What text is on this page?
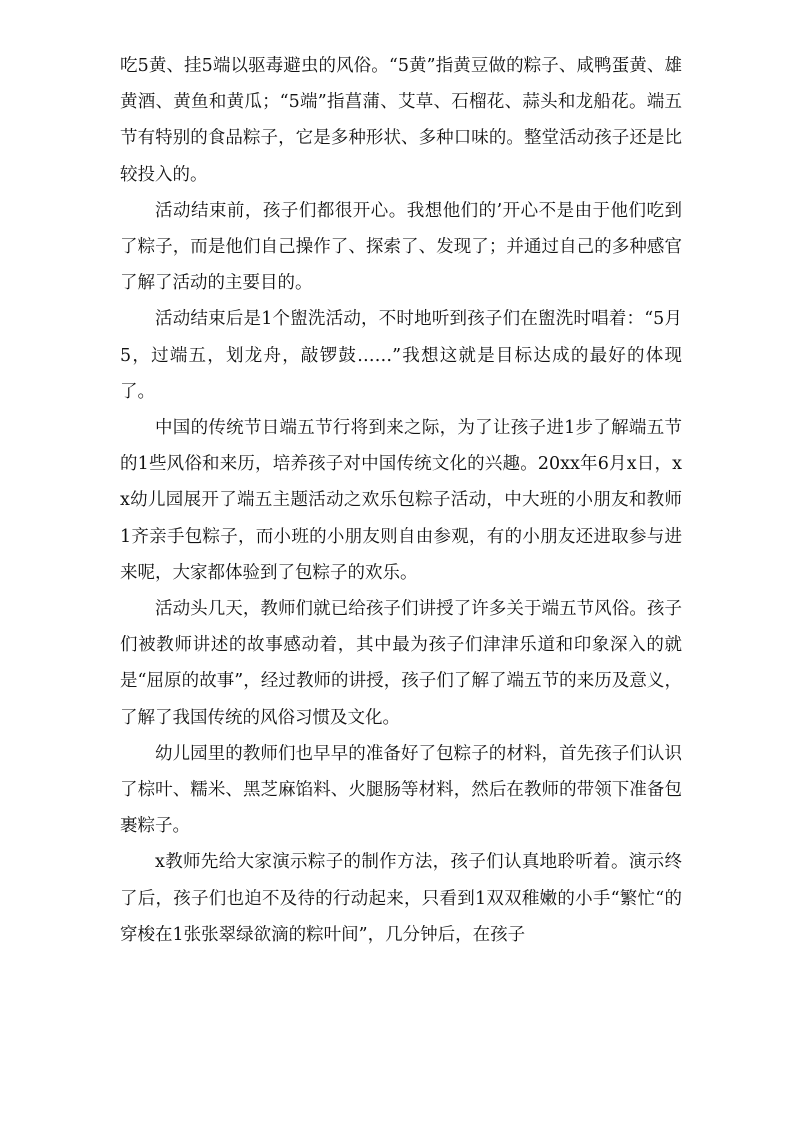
吃5黄、挂5端以驱毒避虫的风俗。“5黄”指黄豆做的粽子、咸鸭蛋黄、雄黄酒、黄鱼和黄瓜；“5端”指菖蒲、艾草、石榴花、蒜头和龙船花。端五节有特别的食品粽子，它是多种形状、多种口味的。整堂活动孩子还是比较投入的。

活动结束前，孩子们都很开心。我想他们的’开心不是由于他们吃到了粽子，而是他们自己操作了、探索了、发现了；并通过自己的多种感官了解了活动的主要目的。

活动结束后是1个盥洗活动，不时地听到孩子们在盥洗时唱着：“5月5，过端五，划龙舟，敲锣鼓……”我想这就是目标达成的最好的体现了。

中国的传统节日端五节行将到来之际，为了让孩子进1步了解端五节的1些风俗和来历，培养孩子对中国传统文化的兴趣。20xx年6月x日，xx幼儿园展开了端五主题活动之欢乐包粽子活动，中大班的小朋友和教师1齐亲手包粽子，而小班的小朋友则自由参观，有的小朋友还进取参与进来呢，大家都体验到了包粽子的欢乐。

活动头几天，教师们就已给孩子们讲授了许多关于端五节风俗。孩子们被教师讲述的故事感动着，其中最为孩子们津津乐道和印象深入的就是“屈原的故事”，经过教师的讲授，孩子们了解了端五节的来历及意义，了解了我国传统的风俗习惯及文化。

幼儿园里的教师们也早早的准备好了包粽子的材料，首先孩子们认识了棕叶、糯米、黑芝麻馅料、火腿肠等材料，然后在教师的带领下准备包裹粽子。

x教师先给大家演示粽子的制作方法，孩子们认真地聆听着。演示终了后，孩子们也迫不及待的行动起来，只看到1双双稚嫩的小手“繁忙“的穿梭在1张张翠绿欲滴的粽叶间”，几分钟后，在孩子
